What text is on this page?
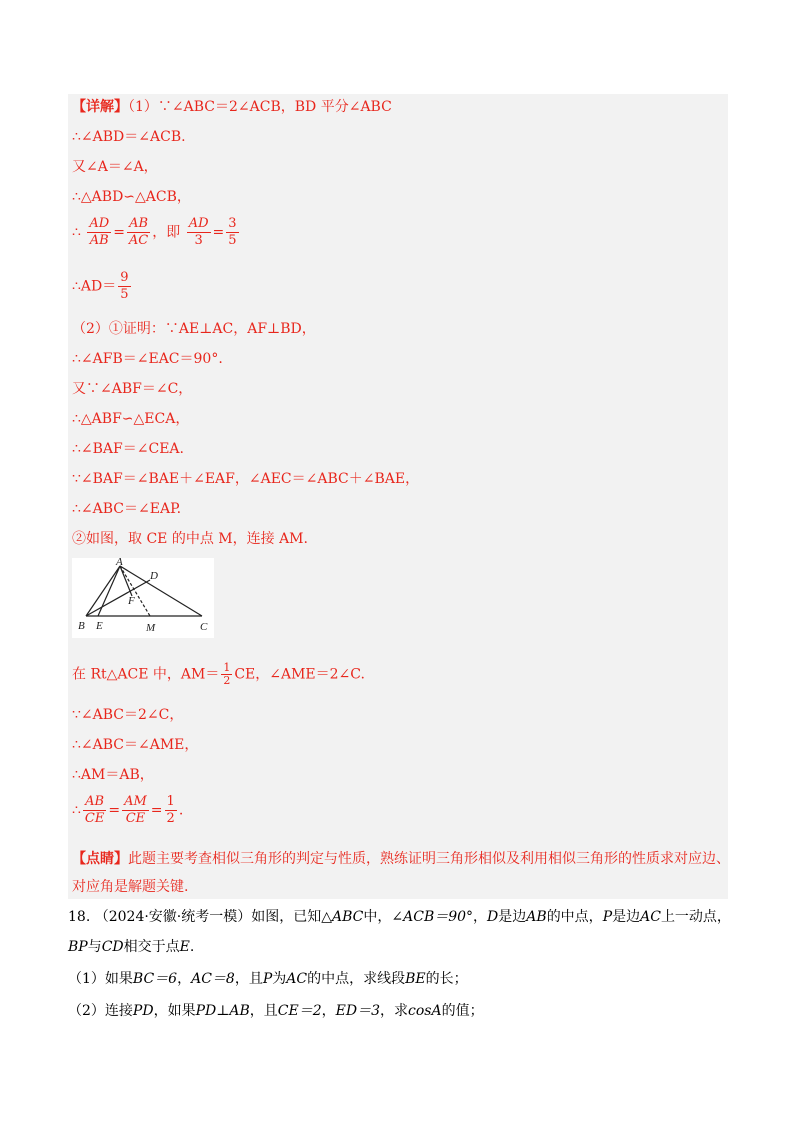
【详解】（1）∵∠ABC＝2∠ACB，BD 平分∠ABC
∴∠ABD＝∠ACB.
又∠A＝∠A，
∴△ABD∽△ACB，
∴ $\frac{AD}{AB} = \frac{AB}{AC}$ ，即 $\frac{AD}{3} = \frac{3}{5}$
∴AD＝ $\frac{9}{5}$
（2）①证明：∵AE⊥AC，AF⊥BD，
∴∠AFB＝∠EAC＝90°.
又∵∠ABF＝∠C，
∴△ABF∽△ECA，
∴∠BAF＝∠CEA.
∵∠BAF＝∠BAE＋∠EAF，∠AEC＝∠ABC＋∠BAE，
∴∠ABC＝∠EAP.
②如图，取 CE 的中点 M，连接 AM.
A
D
F
B E	M	C
在 Rt△ACE 中，$AM= \frac{1}{2}$ CE，∠AME＝2∠C.
∵∠ABC＝2∠C，
∴∠ABC＝∠AME，
∴AM＝AB，
∴ $\frac{AB}{CE} = \frac{AM}{CE} = \frac{1}{2}$ .
【点睛】此题主要考查相似三角形的判定与性质，熟练证明三角形相似及利用相似三角形的性质求对应边、
对应角是解题关键.
18. （2024·安徽·统考一模）如图，已知△ABC中，∠ACB＝90°，D是边AB的中点，P是边AC上一动点，
BP与CD相交于点E.
（1）如果BC＝6，AC＝8，且P为AC的中点，求线段BE的长；
（2）连接PD，如果PD⊥AB，且CE＝2，ED＝3，求cosA的值；
